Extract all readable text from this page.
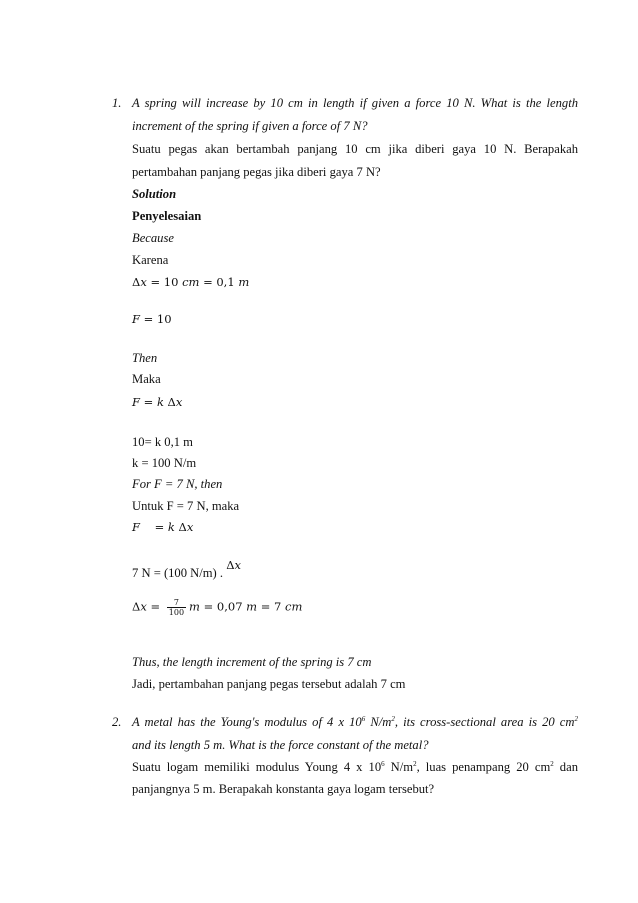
1. A spring will increase by 10 cm in length if given a force 10 N. What is the length
increment of the spring if given a force of 7 N?
Suatu pegas akan bertambah panjang 10 cm jika diberi gaya 10 N. Berapakah
pertambahan panjang pegas jika diberi gaya 7 N?
Solution
Penyelesaian
Because
Karena
Δx = 10 cm = 0,1 m
F = 10
Then
Maka
F = k Δx
10= k 0,1 m
k = 100 N/m
For F = 7 N, then
Untuk F = 7 N, maka
F    = k Δx
7 N = (100 N/m) . Δx
$\Delta x = \frac{7}{100}$ m = 0,07 m = 7 cm
Thus, the length increment of the spring is 7 cm
Jadi, pertambahan panjang pegas tersebut adalah 7 cm
2. A metal has the Young's modulus of 4 x $10^6$ $N/m^2$, its cross-sectional area is 20 $cm^2$
and its length 5 m. What is the force constant of the metal?
Suatu logam memiliki modulus Young 4 x $10^6$ $N/m^2$, luas penampang 20 $cm^2$ dan
panjangnya 5 m. Berapakah konstanta gaya logam tersebut?
